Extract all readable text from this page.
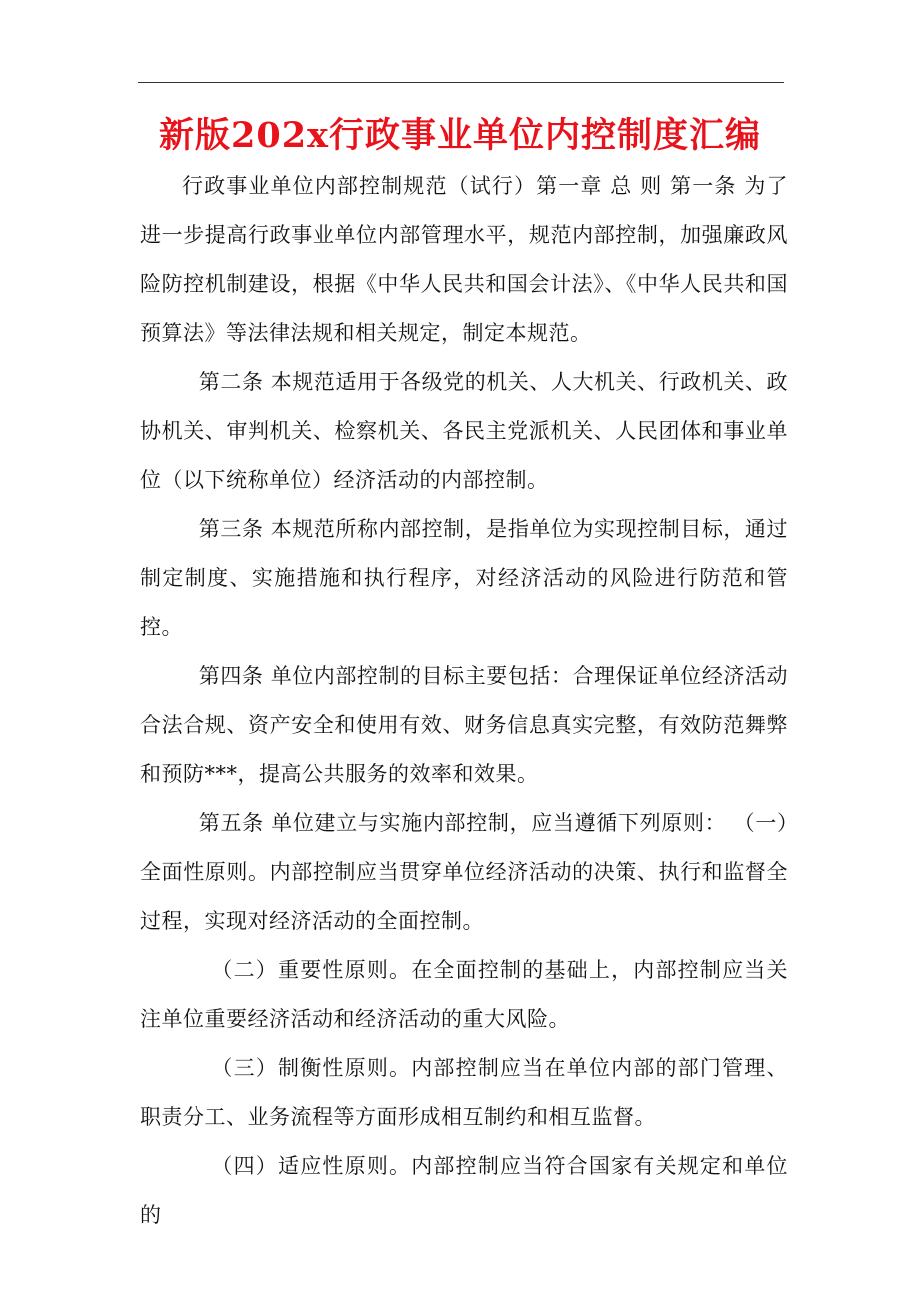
新版202x行政事业单位内控制度汇编

行政事业单位内部控制规范（试行）第一章 总 则 第一条 为了进一步提高行政事业单位内部管理水平，规范内部控制，加强廉政风险防控机制建设，根据《中华人民共和国会计法》、《中华人民共和国预算法》等法律法规和相关规定，制定本规范。

第二条 本规范适用于各级党的机关、人大机关、行政机关、政协机关、审判机关、检察机关、各民主党派机关、人民团体和事业单位（以下统称单位）经济活动的内部控制。

第三条 本规范所称内部控制，是指单位为实现控制目标，通过制定制度、实施措施和执行程序，对经济活动的风险进行防范和管控。

第四条 单位内部控制的目标主要包括：合理保证单位经济活动合法合规、资产安全和使用有效、财务信息真实完整，有效防范舞弊和预防***，提高公共服务的效率和效果。

第五条 单位建立与实施内部控制，应当遵循下列原则： （一）全面性原则。内部控制应当贯穿单位经济活动的决策、执行和监督全过程，实现对经济活动的全面控制。

（二）重要性原则。在全面控制的基础上，内部控制应当关注单位重要经济活动和经济活动的重大风险。

（三）制衡性原则。内部控制应当在单位内部的部门管理、职责分工、业务流程等方面形成相互制约和相互监督。

（四）适应性原则。内部控制应当符合国家有关规定和单位的
